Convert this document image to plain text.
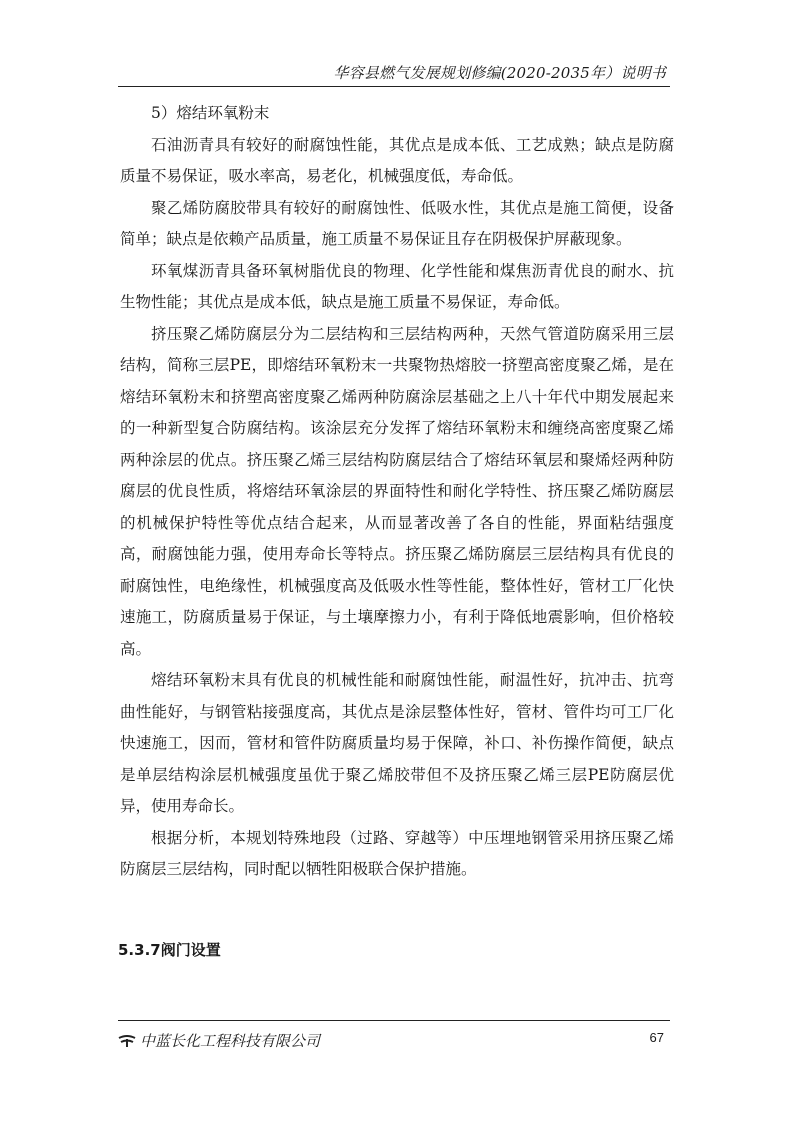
华容县燃气发展规划修编(2020-2035年）说明书

5）熔结环氧粉末

石油沥青具有较好的耐腐蚀性能，其优点是成本低、工艺成熟；缺点是防腐质量不易保证，吸水率高，易老化，机械强度低，寿命低。

聚乙烯防腐胶带具有较好的耐腐蚀性、低吸水性，其优点是施工简便，设备简单；缺点是依赖产品质量，施工质量不易保证且存在阴极保护屏蔽现象。

环氧煤沥青具备环氧树脂优良的物理、化学性能和煤焦沥青优良的耐水、抗生物性能；其优点是成本低，缺点是施工质量不易保证，寿命低。

挤压聚乙烯防腐层分为二层结构和三层结构两种，天然气管道防腐采用三层结构，简称三层PE，即熔结环氧粉末一共聚物热熔胶一挤塑高密度聚乙烯，是在熔结环氧粉末和挤塑高密度聚乙烯两种防腐涂层基础之上八十年代中期发展起来的一种新型复合防腐结构。该涂层充分发挥了熔结环氧粉末和缠绕高密度聚乙烯两种涂层的优点。挤压聚乙烯三层结构防腐层结合了熔结环氧层和聚烯烃两种防腐层的优良性质，将熔结环氧涂层的界面特性和耐化学特性、挤压聚乙烯防腐层的机械保护特性等优点结合起来，从而显著改善了各自的性能，界面粘结强度高，耐腐蚀能力强，使用寿命长等特点。挤压聚乙烯防腐层三层结构具有优良的耐腐蚀性，电绝缘性，机械强度高及低吸水性等性能，整体性好，管材工厂化快速施工，防腐质量易于保证，与土壤摩擦力小，有利于降低地震影响，但价格较高。

熔结环氧粉末具有优良的机械性能和耐腐蚀性能，耐温性好，抗冲击、抗弯曲性能好，与钢管粘接强度高，其优点是涂层整体性好，管材、管件均可工厂化快速施工，因而，管材和管件防腐质量均易于保障，补口、补伤操作简便，缺点是单层结构涂层机械强度虽优于聚乙烯胶带但不及挤压聚乙烯三层PE防腐层优异，使用寿命长。

根据分析，本规划特殊地段（过路、穿越等）中压埋地钢管采用挤压聚乙烯防腐层三层结构，同时配以牺牲阳极联合保护措施。

5.3.7阀门设置
中蓝长化工程科技有限公司	67
